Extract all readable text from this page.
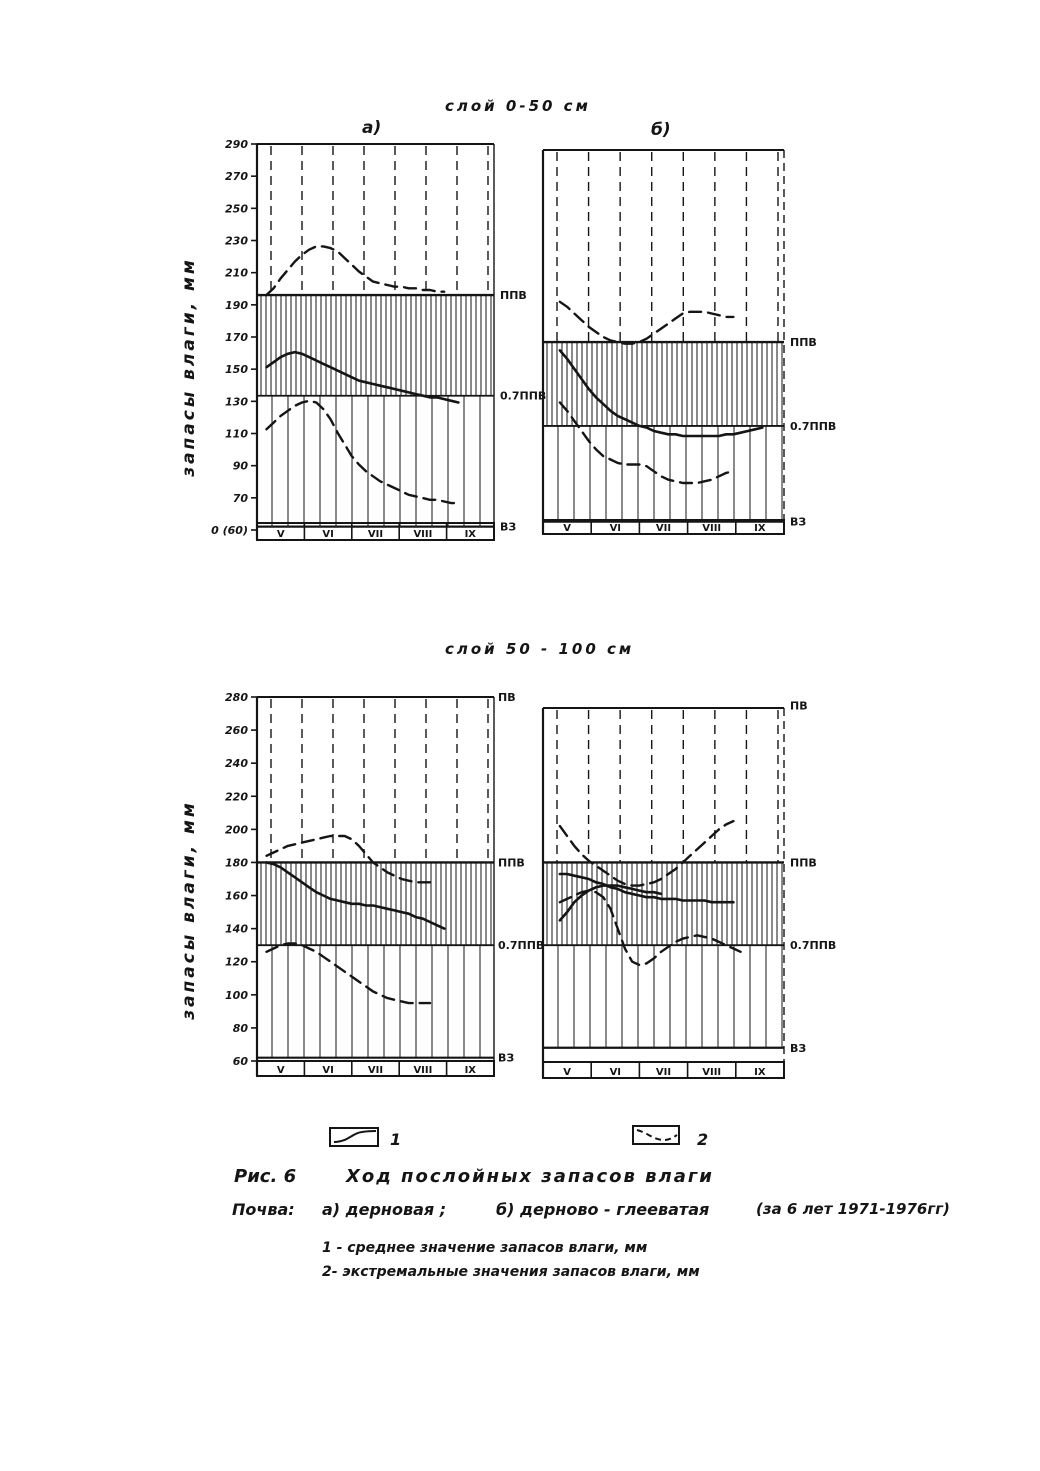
слой 0-50 см
а)	б)
запасы влаги, мм
слой 50 - 100 см
запасы влаги, мм
V	VI	VII	VIII	IX
ППВ
0.7ППВ
ВЗ
290
270
250
230
210
190
170
150
130
110
90
70
0 (60)	V	VI	VII	VIII	IX
ППВ
0.7ППВ
ВЗ
V	VI	VII	VIII	IX
ПВ
ППВ
0.7ППВ
ВЗ
280
260
240
220
200
180
160
140
120
100
80
60
V	VI	VII	VIII	IX
ПВ
ППВ
0.7ППВ
ВЗ
1	2
Рис. 6	Ход послойных запасов влаги
Почва: а) дерновая ;	б) дерново - глееватая	(за 6 лет 1971-1976гг)
1 - среднее значение запасов влаги, мм
2- экстремальные значения запасов влаги, мм
